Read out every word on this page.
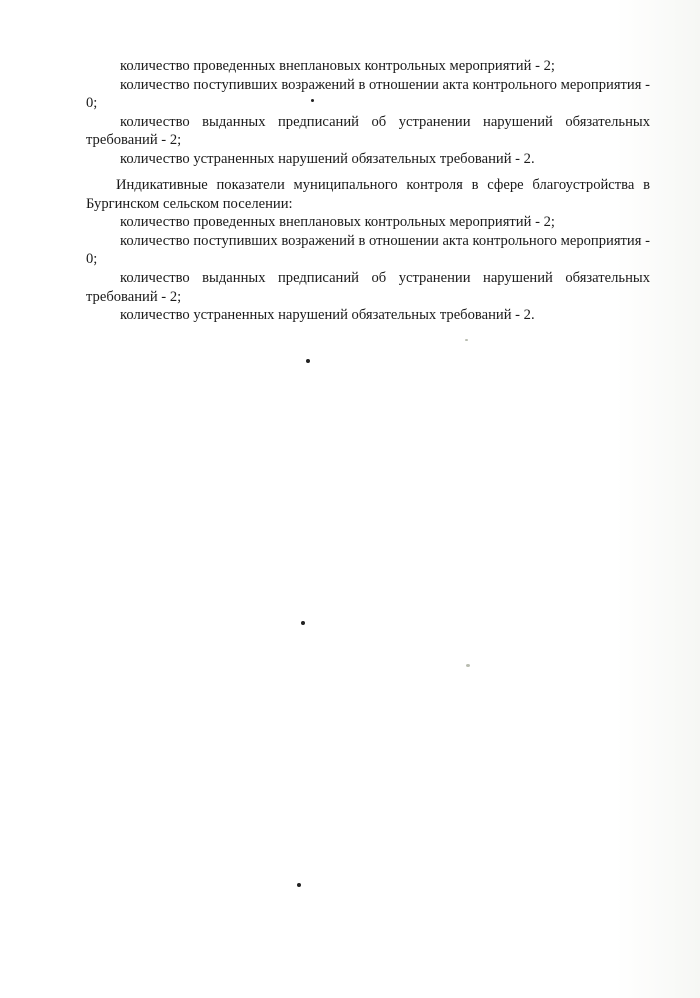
количество проведенных внеплановых контрольных мероприятий - 2;

количество поступивших возражений в отношении акта контрольного мероприятия - 0;

количество выданных предписаний об устранении нарушений обязательных требований - 2;

количество устраненных нарушений обязательных требований - 2.

Индикативные показатели муниципального контроля в сфере благоустройства в Бургинском сельском поселении:

количество проведенных внеплановых контрольных мероприятий - 2;

количество поступивших возражений в отношении акта контрольного мероприятия - 0;

количество выданных предписаний об устранении нарушений обязательных требований - 2;

количество устраненных нарушений обязательных требований - 2.
